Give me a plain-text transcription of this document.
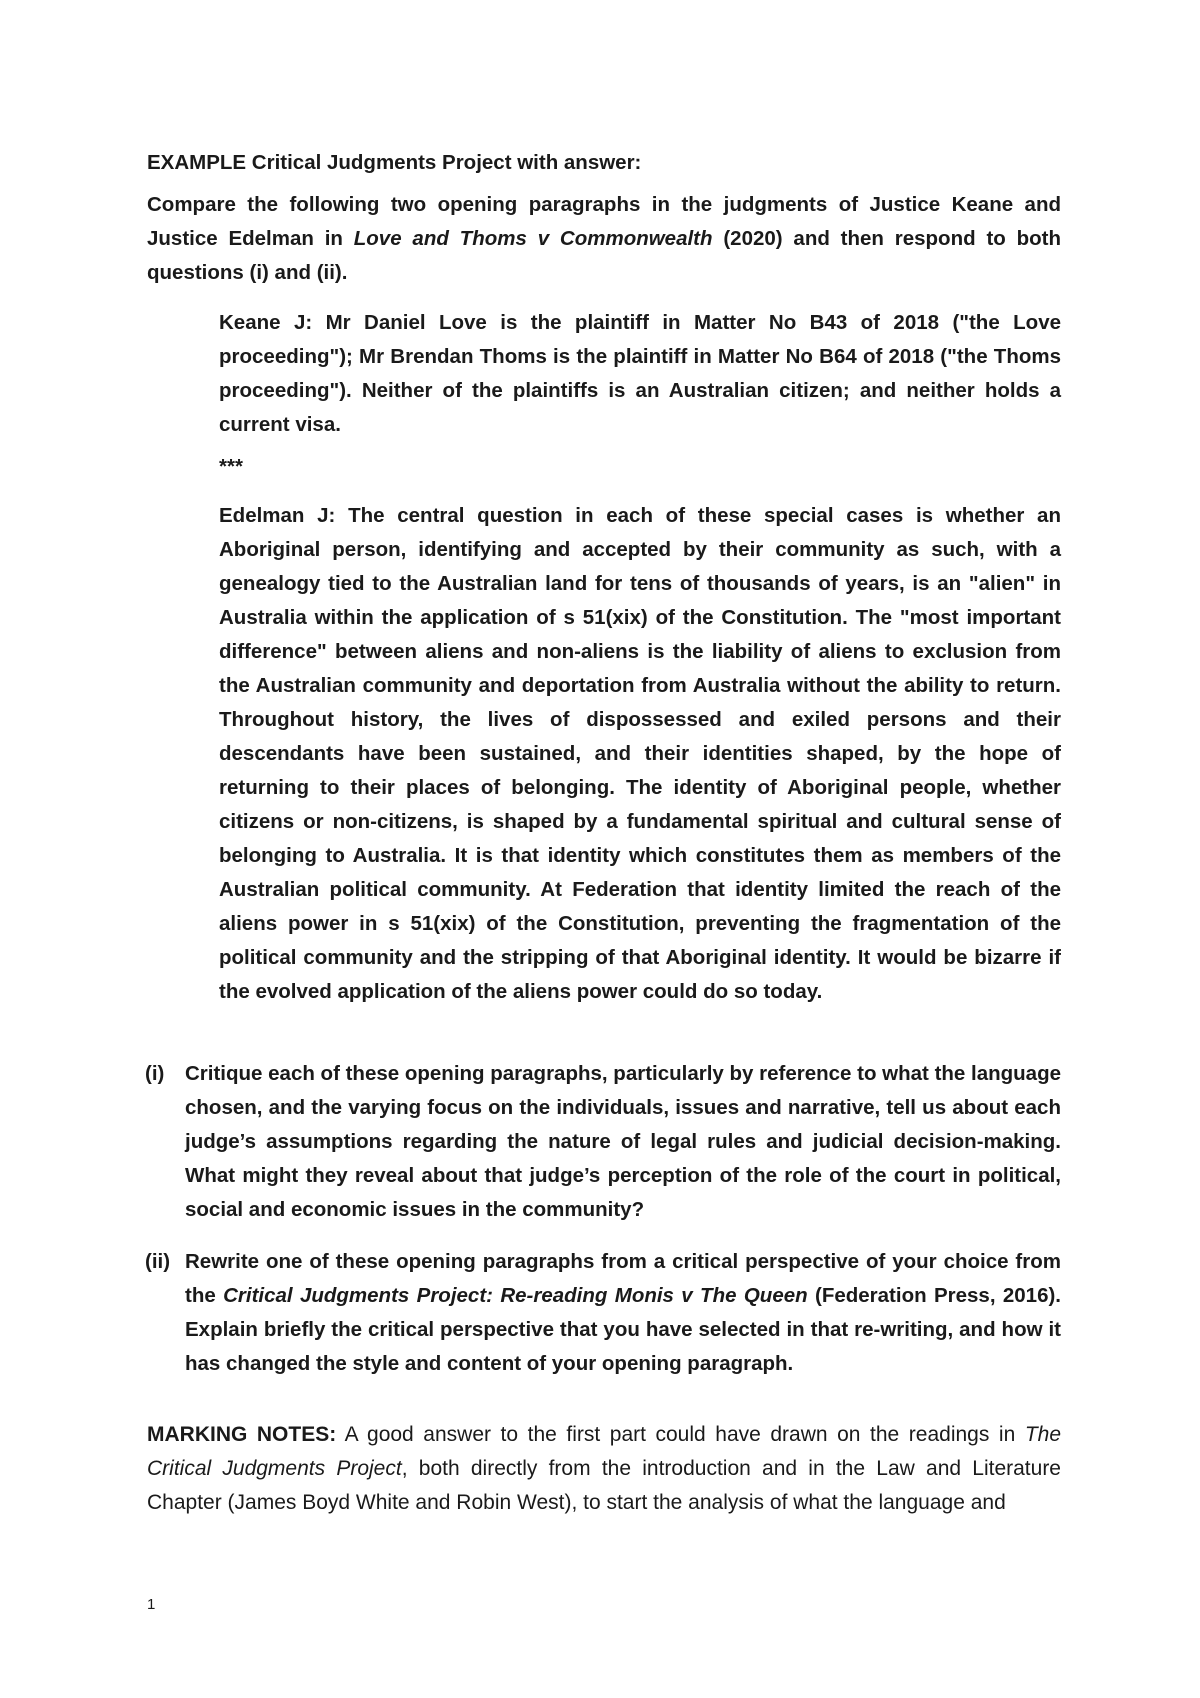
EXAMPLE Critical Judgments Project with answer:
Compare the following two opening paragraphs in the judgments of Justice Keane and Justice Edelman in Love and Thoms v Commonwealth (2020) and then respond to both questions (i) and (ii).
Keane J: Mr Daniel Love is the plaintiff in Matter No B43 of 2018 ("the Love proceeding"); Mr Brendan Thoms is the plaintiff in Matter No B64 of 2018 ("the Thoms proceeding"). Neither of the plaintiffs is an Australian citizen; and neither holds a current visa.
***
Edelman J: The central question in each of these special cases is whether an Aboriginal person, identifying and accepted by their community as such, with a genealogy tied to the Australian land for tens of thousands of years, is an "alien" in Australia within the application of s 51(xix) of the Constitution. The "most important difference" between aliens and non-aliens is the liability of aliens to exclusion from the Australian community and deportation from Australia without the ability to return. Throughout history, the lives of dispossessed and exiled persons and their descendants have been sustained, and their identities shaped, by the hope of returning to their places of belonging. The identity of Aboriginal people, whether citizens or non-citizens, is shaped by a fundamental spiritual and cultural sense of belonging to Australia. It is that identity which constitutes them as members of the Australian political community. At Federation that identity limited the reach of the aliens power in s 51(xix) of the Constitution, preventing the fragmentation of the political community and the stripping of that Aboriginal identity. It would be bizarre if the evolved application of the aliens power could do so today.
(i)	Critique each of these opening paragraphs, particularly by reference to what the language chosen, and the varying focus on the individuals, issues and narrative, tell us about each judge’s assumptions regarding the nature of legal rules and judicial decision-making. What might they reveal about that judge’s perception of the role of the court in political, social and economic issues in the community?
(ii) Rewrite one of these opening paragraphs from a critical perspective of your choice from the Critical Judgments Project: Re-reading Monis v The Queen (Federation Press, 2016). Explain briefly the critical perspective that you have selected in that re-writing, and how it has changed the style and content of your opening paragraph.
MARKING NOTES: A good answer to the first part could have drawn on the readings in The Critical Judgments Project, both directly from the introduction and in the Law and Literature Chapter (James Boyd White and Robin West), to start the analysis of what the language and
1
